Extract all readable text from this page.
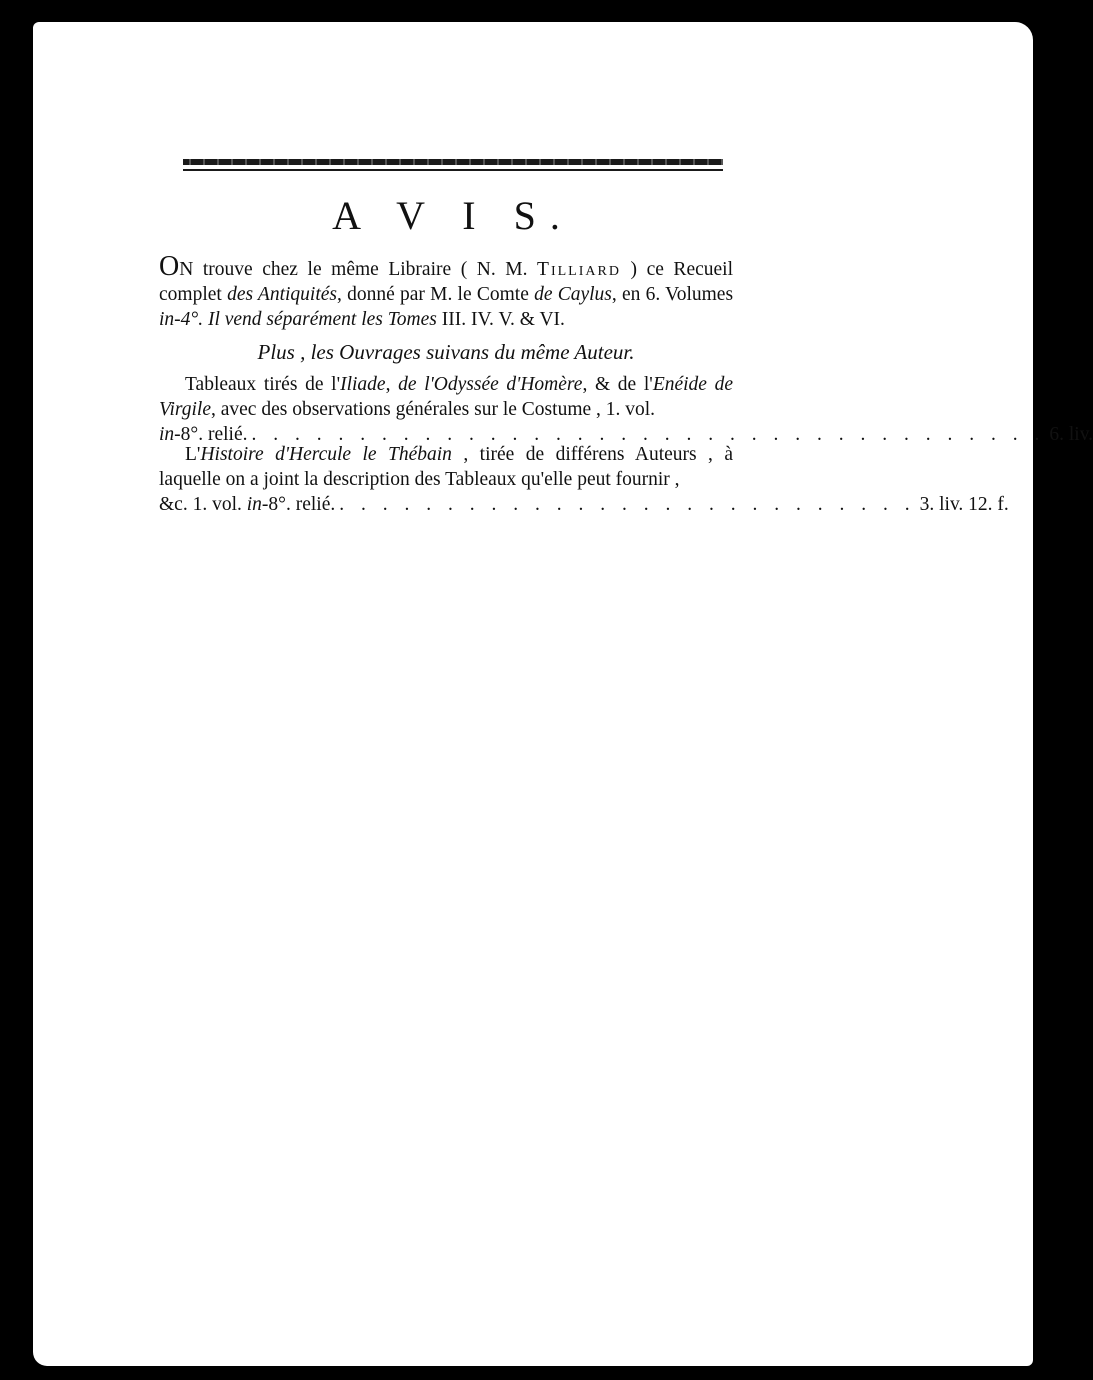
A V I S.
ON trouve chez le même Libraire ( N. M. Tilliard ) ce Recueil complet des Antiquités, donné par M. le Comte de Caylus, en 6. Volumes in-4°. Il vend séparément les Tomes III. IV. V. & VI.
Plus , les Ouvrages suivans du même Auteur.
Tableaux tirés de l'Iliade, de l'Odyssée d'Homère, & de l'Enéide de Virgile, avec des observations générales sur le Costume , 1. vol.
in-8°. relié. . . . . . . . . . . . . . . . . . . . . . . . . . . . . . . . . . . . . . 6. liv.
L'Histoire d'Hercule le Thébain , tirée de différens Auteurs , à laquelle on a joint la description des Tableaux qu'elle peut fournir ,
&c. 1. vol. in-8°. relié. . . . . . . . . . . . . . . . . . . . . . . . . . . . 3. liv. 12. f.
